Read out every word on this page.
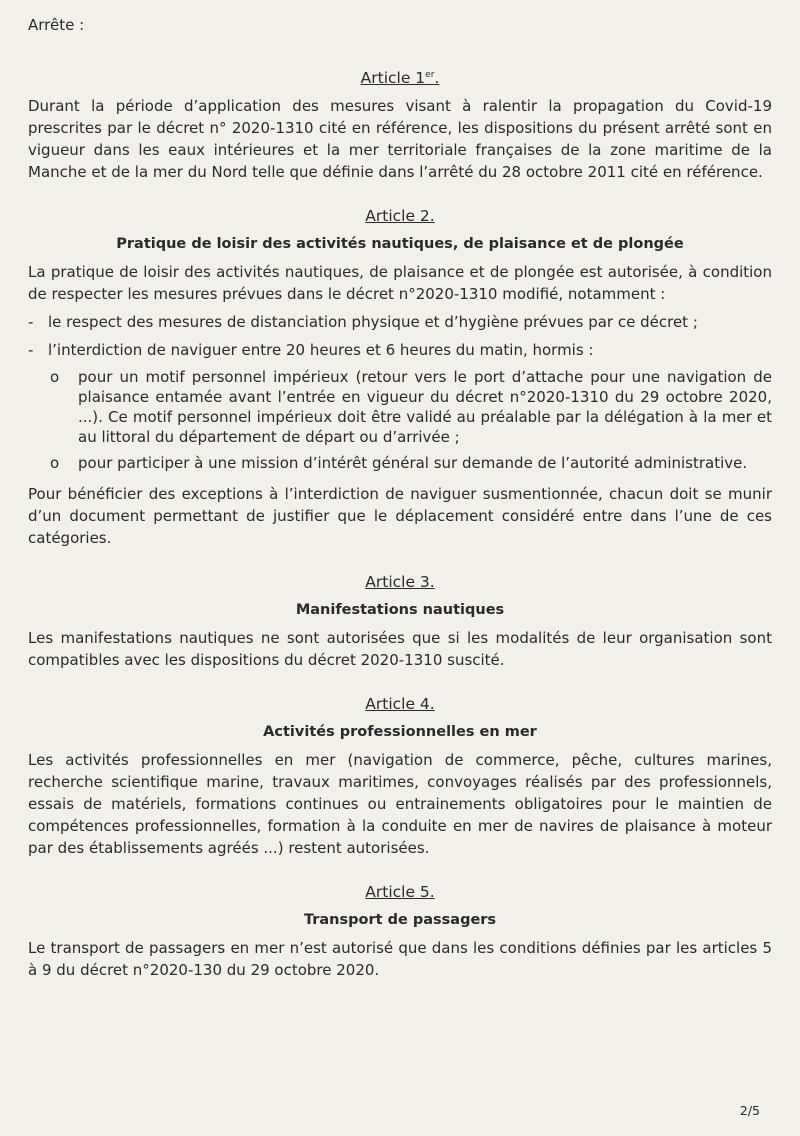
Arrête :

Article 1er.

Durant la période d’application des mesures visant à ralentir la propagation du Covid-19 prescrites par le décret n° 2020-1310 cité en référence, les dispositions du présent arrêté sont en vigueur dans les eaux intérieures et la mer territoriale françaises de la zone maritime de la Manche et de la mer du Nord telle que définie dans l’arrêté du 28 octobre 2011 cité en référence.

Article 2.
Pratique de loisir des activités nautiques, de plaisance et de plongée

La pratique de loisir des activités nautiques, de plaisance et de plongée est autorisée, à condition de respecter les mesures prévues dans le décret n°2020-1310 modifié, notamment :

- le respect des mesures de distanciation physique et d’hygiène prévues par ce décret ;
- l’interdiction de naviguer entre 20 heures et 6 heures du matin, hormis :
o pour un motif personnel impérieux (retour vers le port d’attache pour une navigation de plaisance entamée avant l’entrée en vigueur du décret n°2020-1310 du 29 octobre 2020, ...). Ce motif personnel impérieux doit être validé au préalable par la délégation à la mer et au littoral du département de départ ou d’arrivée ;
o pour participer à une mission d’intérêt général sur demande de l’autorité administrative.

Pour bénéficier des exceptions à l’interdiction de naviguer susmentionnée, chacun doit se munir d’un document permettant de justifier que le déplacement considéré entre dans l’une de ces catégories.

Article 3.
Manifestations nautiques

Les manifestations nautiques ne sont autorisées que si les modalités de leur organisation sont compatibles avec les dispositions du décret 2020-1310 suscité.

Article 4.
Activités professionnelles en mer

Les activités professionnelles en mer (navigation de commerce, pêche, cultures marines, recherche scientifique marine, travaux maritimes, convoyages réalisés par des professionnels, essais de matériels, formations continues ou entrainements obligatoires pour le maintien de compétences professionnelles, formation à la conduite en mer de navires de plaisance à moteur par des établissements agréés ...) restent autorisées.

Article 5.
Transport de passagers

Le transport de passagers en mer n’est autorisé que dans les conditions définies par les articles 5 à 9 du décret n°2020-130 du 29 octobre 2020.

2/5
